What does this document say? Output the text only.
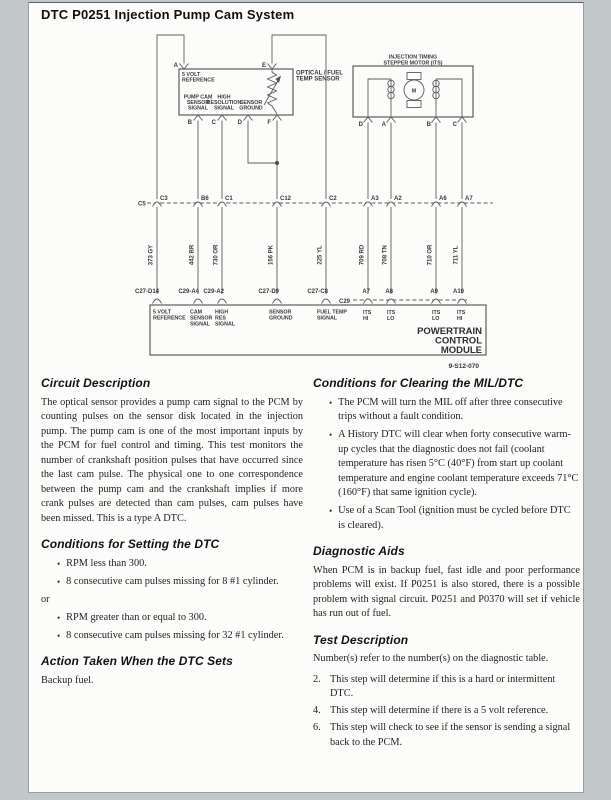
DTC P0251 Injection Pump Cam System
5 VOLT
REFERENCE
PUMP CAM
SENSOR
SIGNAL
HIGH
RESOLUTION
SIGNAL
SENSOR
GROUND
OPTICAL / FUEL
TEMP SENSOR
A	E
B	C	D	F
INJECTION TIMING
STEPPER MOTOR (ITS)
M
D	A	B	C
C5
C3	B6	C1	C12	C2	A3	A2	A6	A7
373 GY	442 BR	730 OR	156 PK	225 YL	709 RD	708 TN	710 OR	711 YL
C27-D14	C29-A4 C29-A2	C27-D9	C27-C8	A7	A8	A9 A10
C29
5 VOLT
REFERENCE
CAM
SENSOR
SIGNAL
HIGH
RES
SIGNAL
SENSOR
GROUND
FUEL TEMP
SIGNAL
ITS
HI
ITS
LO
ITS
LO
ITS
HI
POWERTRAIN
CONTROL
MODULE
9-S12-070
Circuit Description

The optical sensor provides a pump cam signal to the PCM by counting pulses on the sensor disk located in the injection pump. The pump cam is one of the most important inputs by the PCM for fuel control and timing. This test monitors the number of crankshaft position pulses that have occurred since the last cam pulse. The physical one to one correspondence between the pump cam and the crankshaft implies if more crank pulses are detected than cam pulses, cam pulses have been missed. This is a type A DTC.

Conditions for Setting the DTC
• RPM less than 300.
• 8 consecutive cam pulses missing for 8 #1 cylinder.
or
• RPM greater than or equal to 300.
• 8 consecutive cam pulses missing for 32 #1 cylinder.
Action Taken When the DTC Sets

Backup fuel.

Conditions for Clearing the MIL/DTC
• The PCM will turn the MIL off after three consecutive trips without a fault condition.
• A History DTC will clear when forty consecutive warm-up cycles that the diagnostic does not fail (coolant temperature has risen 5°C (40°F) from start up coolant temperature and engine coolant temperature exceeds 71°C (160°F) that same ignition cycle).
• Use of a Scan Tool (ignition must be cycled before DTC is cleared).
Diagnostic Aids

When PCM is in backup fuel, fast idle and poor performance problems will exist. If P0251 is also stored, there is a possible problem with signal circuit. P0251 and P0370 will set if vehicle has run out of fuel.

Test Description

Number(s) refer to the number(s) on the diagnostic table.

2. This step will determine if this is a hard or intermittent DTC.
4. This step will determine if there is a 5 volt reference.
6. This step will check to see if the sensor is sending a signal back to the PCM.
